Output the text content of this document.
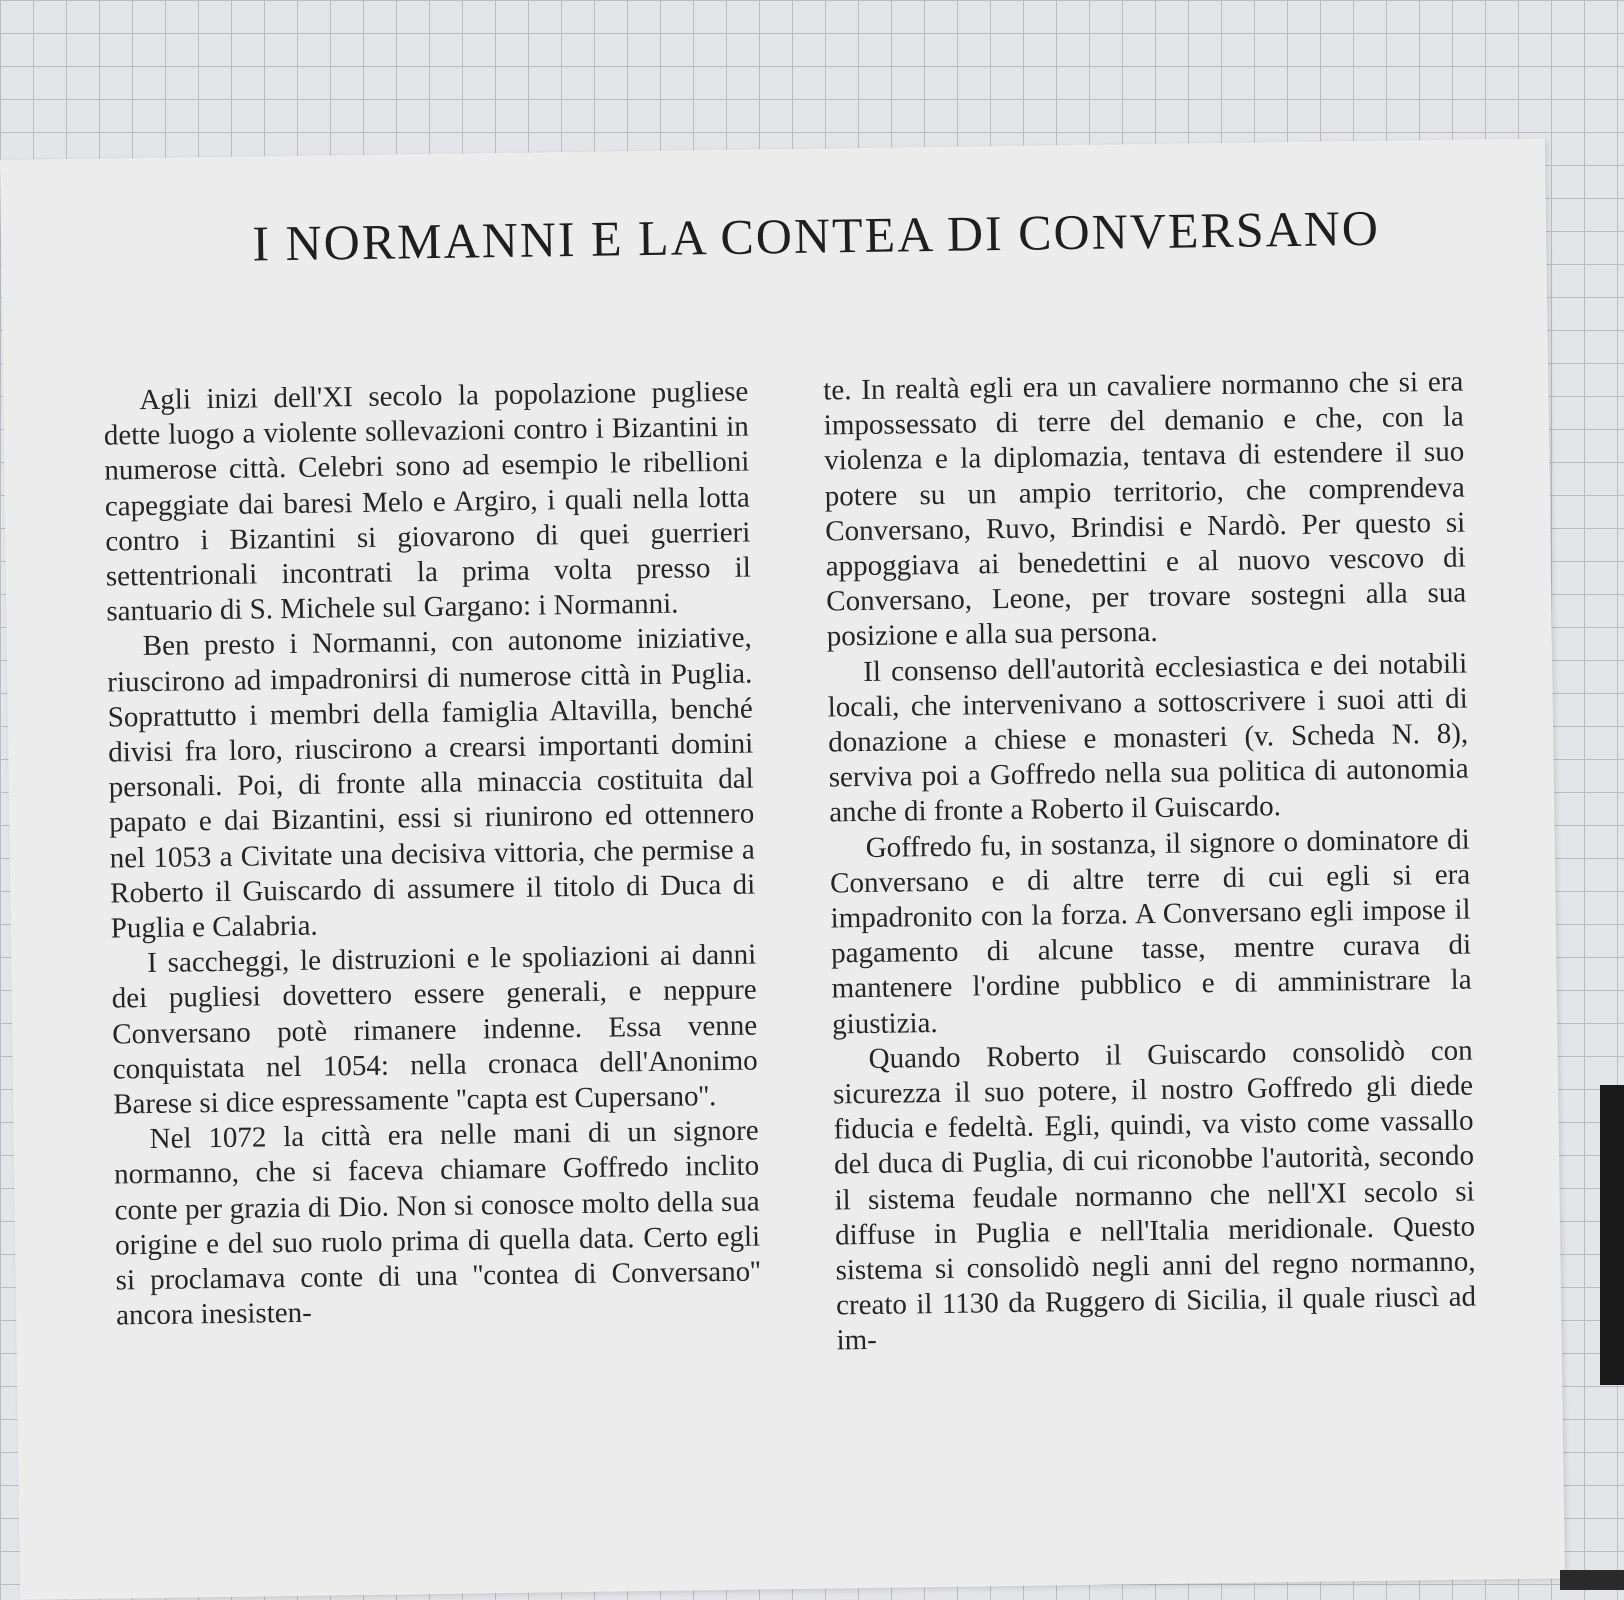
I NORMANNI E LA CONTEA DI CONVERSANO

Agli inizi dell'XI secolo la popolazione pugliese dette luogo a violente sollevazioni contro i Bizantini in numerose città. Celebri sono ad esempio le ribellioni capeggiate dai baresi Melo e Argiro, i quali nella lotta contro i Bizantini si giovarono di quei guerrieri settentrionali incontrati la prima volta presso il santuario di S. Michele sul Gargano: i Normanni.

Ben presto i Normanni, con autonome iniziative, riuscirono ad impadronirsi di numerose città in Puglia. Soprattutto i membri della famiglia Altavilla, benché divisi fra loro, riuscirono a crearsi importanti domini personali. Poi, di fronte alla minaccia costituita dal papato e dai Bizantini, essi si riunirono ed ottennero nel 1053 a Civitate una decisiva vittoria, che permise a Roberto il Guiscardo di assumere il titolo di Duca di Puglia e Calabria.

I saccheggi, le distruzioni e le spoliazioni ai danni dei pugliesi dovettero essere generali, e neppure Conversano potè rimanere indenne. Essa venne conquistata nel 1054: nella cronaca dell'Anonimo Barese si dice espressamente ''capta est Cupersano''.

Nel 1072 la città era nelle mani di un signore normanno, che si faceva chiamare Goffredo inclito conte per grazia di Dio. Non si conosce molto della sua origine e del suo ruolo prima di quella data. Certo egli si proclamava conte di una ''contea di Conversano'' ancora inesisten-

te. In realtà egli era un cavaliere normanno che si era impossessato di terre del demanio e che, con la violenza e la diplomazia, tentava di estendere il suo potere su un ampio territorio, che comprendeva Conversano, Ruvo, Brindisi e Nardò. Per questo si appoggiava ai benedettini e al nuovo vescovo di Conversano, Leone, per trovare sostegni alla sua posizione e alla sua persona.

Il consenso dell'autorità ecclesiastica e dei notabili locali, che intervenivano a sottoscrivere i suoi atti di donazione a chiese e monasteri (v. Scheda N. 8), serviva poi a Goffredo nella sua politica di autonomia anche di fronte a Roberto il Guiscardo.

Goffredo fu, in sostanza, il signore o dominatore di Conversano e di altre terre di cui egli si era impadronito con la forza. A Conversano egli impose il pagamento di alcune tasse, mentre curava di mantenere l'ordine pubblico e di amministrare la giustizia.

Quando Roberto il Guiscardo consolidò con sicurezza il suo potere, il nostro Goffredo gli diede fiducia e fedeltà. Egli, quindi, va visto come vassallo del duca di Puglia, di cui riconobbe l'autorità, secondo il sistema feudale normanno che nell'XI secolo si diffuse in Puglia e nell'Italia meridionale. Questo sistema si consolidò negli anni del regno normanno, creato il 1130 da Ruggero di Sicilia, il quale riuscì ad im-
